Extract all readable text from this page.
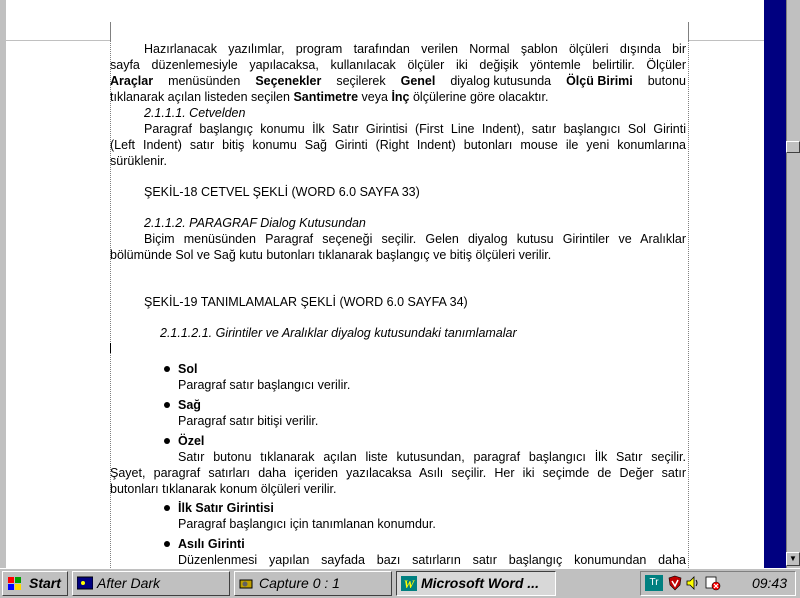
Hazırlanacak yazılımlar, program tarafından verilen Normal şablon ölçüleri dışında bir
sayfa düzenlemesiyle yapılacaksa, kullanılacak ölçüler iki değişik yöntemle belirtilir. Ölçüler
Araçlar menüsünden Seçenekler seçilerek Genel diyalog kutusunda Ölçü Birimi butonu
tıklanarak açılan listeden seçilen Santimetre veya İnç ölçülerine göre olacaktır.
2.1.1.1. Cetvelden
Paragraf başlangıç konumu İlk Satır Girintisi (First Line Indent), satır başlangıcı Sol Girinti
(Left Indent) satır bitiş konumu Sağ Girinti (Right Indent) butonları mouse ile yeni konumlarına
sürüklenir.
ŞEKİL-18 CETVEL ŞEKLİ (WORD 6.0 SAYFA 33)
2.1.1.2. PARAGRAF Dialog Kutusundan
Biçim menüsünden Paragraf seçeneği seçilir. Gelen diyalog kutusu Girintiler ve Aralıklar
bölümünde Sol ve Sağ kutu butonları tıklanarak başlangıç ve bitiş ölçüleri verilir.
ŞEKİL-19 TANIMLAMALAR ŞEKLİ (WORD 6.0 SAYFA 34)
2.1.1.2.1. Girintiler ve Aralıklar diyalog kutusundaki tanımlamalar
Sol
Paragraf satır başlangıcı verilir.
Sağ
Paragraf satır bitişi verilir.
Özel
Satır butonu tıklanarak açılan liste kutusundan, paragraf başlangıcı İlk Satır seçilir.
Şayet, paragraf satırları daha içeriden yazılacaksa Asılı seçilir. Her iki seçimde de Değer satır
butonları tıklanarak konum ölçüleri verilir.
İlk Satır Girintisi
Paragraf başlangıcı için tanımlanan konumdur.
Asılı Girinti
Düzenlenmesi yapılan sayfada bazı satırların satır başlangıç konumundan daha	▼
Start	After Dark	Capture 0 : 1	W Microsoft Word ...	Tr	09:43
